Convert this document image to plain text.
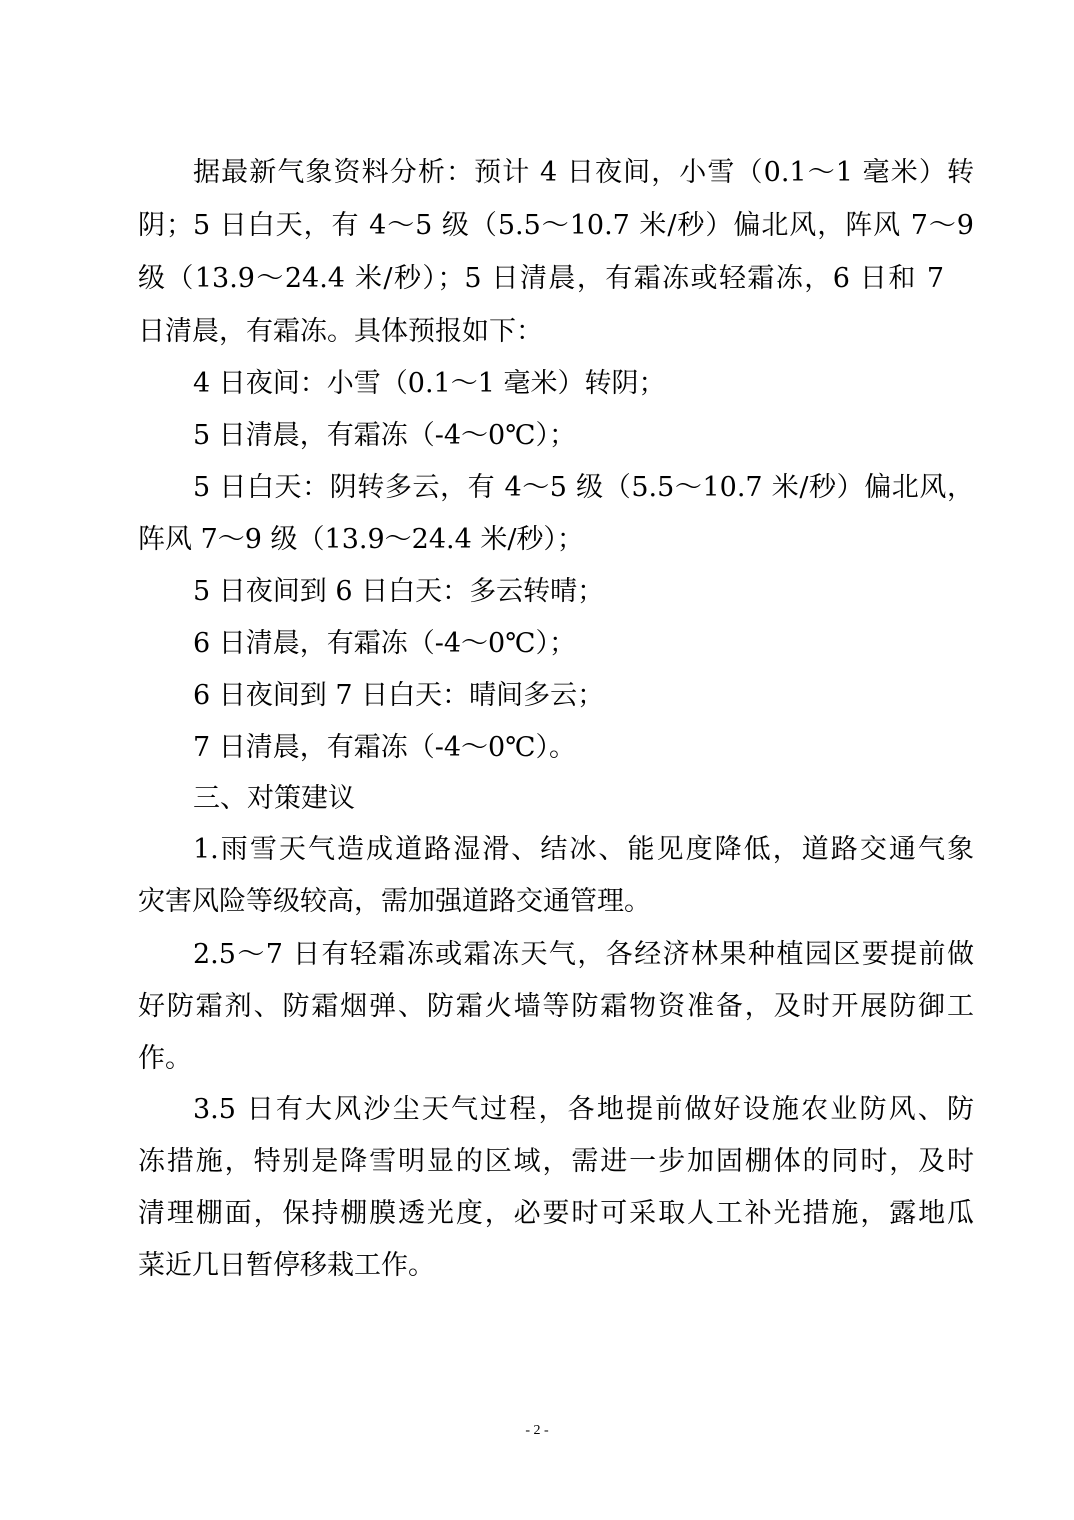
据最新气象资料分析：预计 4 日夜间，小雪（0.1～1 毫米）转
阴；5 日白天，有 4～5 级（5.5～10.7 米/秒）偏北风，阵风 7～9
级（13.9～24.4 米/秒）；5 日清晨，有霜冻或轻霜冻，6 日和 7
日清晨，有霜冻。具体预报如下：
4 日夜间：小雪（0.1～1 毫米）转阴；
5 日清晨，有霜冻（-4～0℃）；
5 日白天：阴转多云，有 4～5 级（5.5～10.7 米/秒）偏北风，
阵风 7～9 级（13.9～24.4 米/秒）；
5 日夜间到 6 日白天：多云转晴；
6 日清晨，有霜冻（-4～0℃）；
6 日夜间到 7 日白天：晴间多云；
7 日清晨，有霜冻（-4～0℃）。
三、对策建议
1.雨雪天气造成道路湿滑、结冰、能见度降低，道路交通气象
灾害风险等级较高，需加强道路交通管理。
2.5～7 日有轻霜冻或霜冻天气，各经济林果种植园区要提前做
好防霜剂、防霜烟弹、防霜火墙等防霜物资准备，及时开展防御工
作。
3.5 日有大风沙尘天气过程，各地提前做好设施农业防风、防
冻措施，特别是降雪明显的区域，需进一步加固棚体的同时，及时
清理棚面，保持棚膜透光度，必要时可采取人工补光措施，露地瓜
菜近几日暂停移栽工作。
- 2 -
